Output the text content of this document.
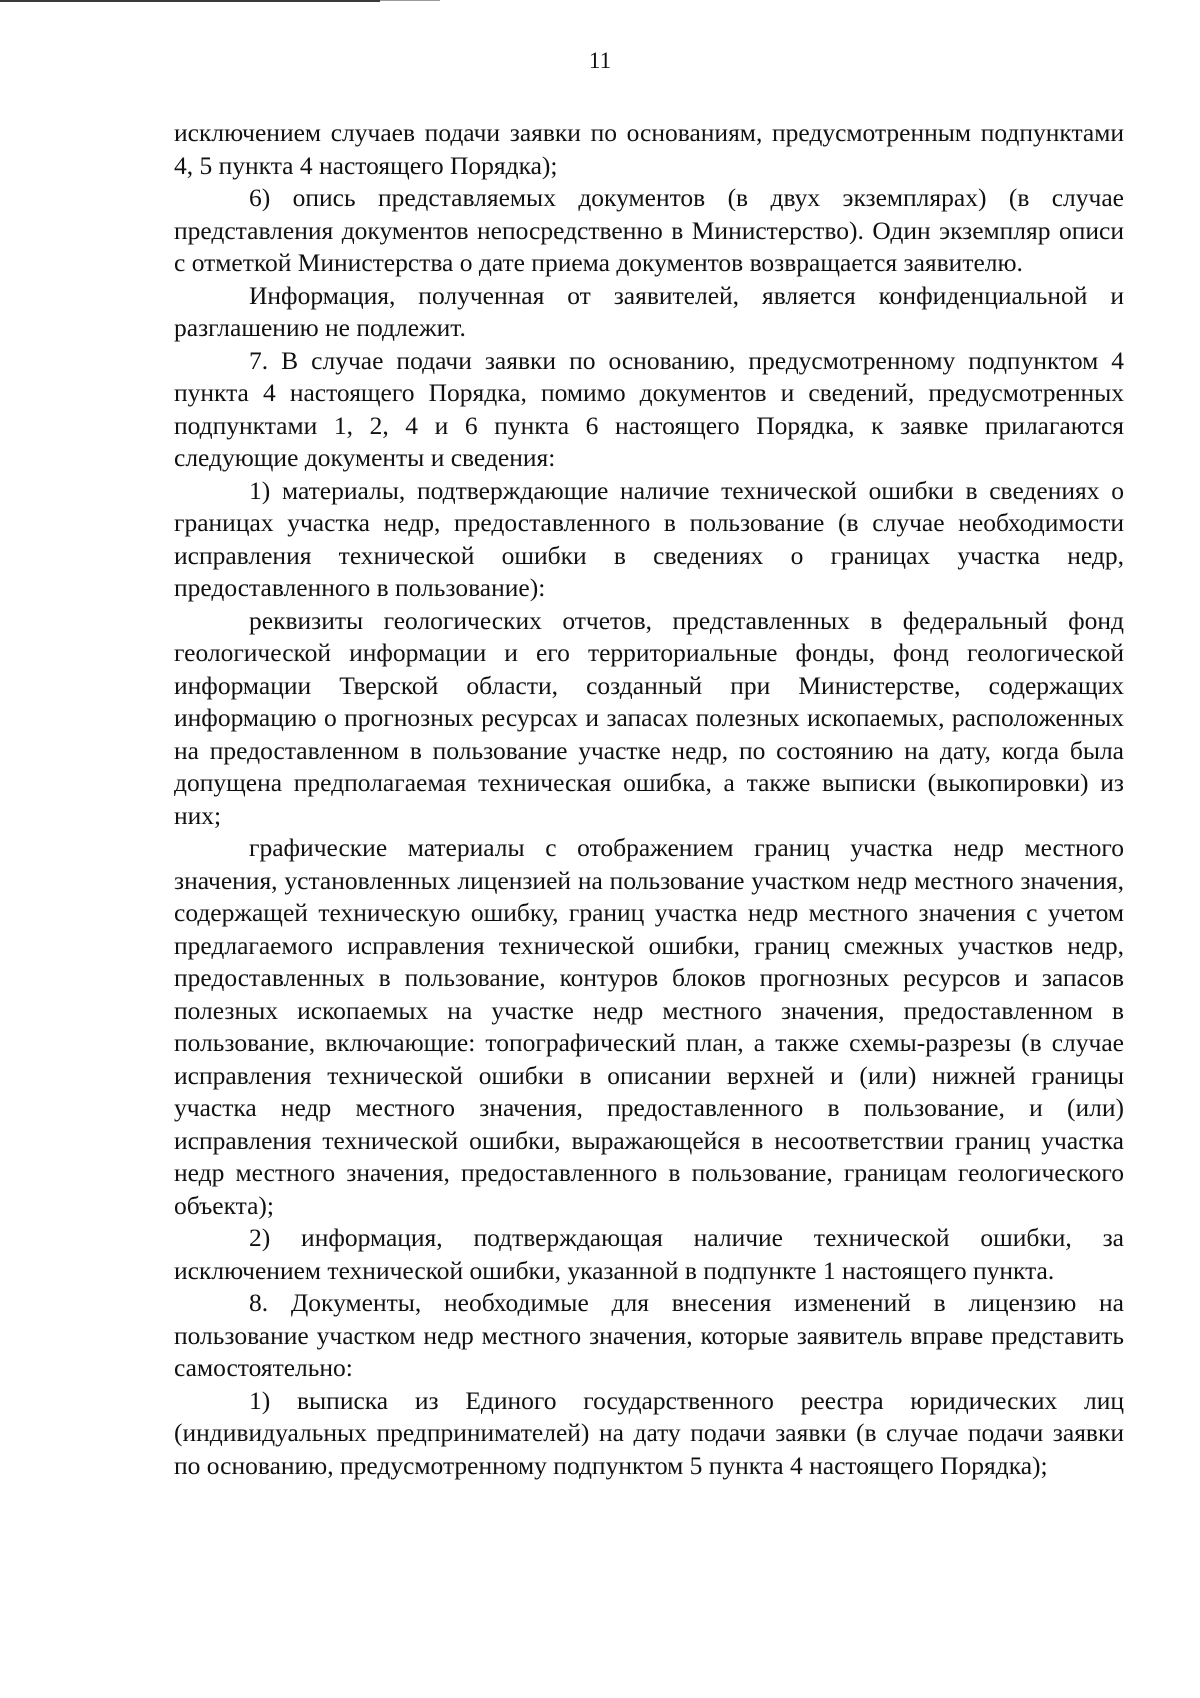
11

исключением случаев подачи заявки по основаниям, предусмотренным подпунктами 4, 5 пункта 4 настоящего Порядка);

6) опись представляемых документов (в двух экземплярах) (в случае представления документов непосредственно в Министерство). Один экземпляр описи с отметкой Министерства о дате приема документов возвращается заявителю.

Информация, полученная от заявителей, является конфиденциальной и разглашению не подлежит.

7. В случае подачи заявки по основанию, предусмотренному подпунктом 4 пункта 4 настоящего Порядка, помимо документов и сведений, предусмотренных подпунктами 1, 2, 4 и 6 пункта 6 настоящего Порядка, к заявке прилагаются следующие документы и сведения:

1) материалы, подтверждающие наличие технической ошибки в сведениях о границах участка недр, предоставленного в пользование (в случае необходимости исправления технической ошибки в сведениях о границах участка недр, предоставленного в пользование):

реквизиты геологических отчетов, представленных в федеральный фонд геологической информации и его территориальные фонды, фонд геологической информации Тверской области, созданный при Министерстве, содержащих информацию о прогнозных ресурсах и запасах полезных ископаемых, расположенных на предоставленном в пользование участке недр, по состоянию на дату, когда была допущена предполагаемая техническая ошибка, а также выписки (выкопировки) из них;

графические материалы с отображением границ участка недр местного значения, установленных лицензией на пользование участком недр местного значения, содержащей техническую ошибку, границ участка недр местного значения с учетом предлагаемого исправления технической ошибки, границ смежных участков недр, предоставленных в пользование, контуров блоков прогнозных ресурсов и запасов полезных ископаемых на участке недр местного значения, предоставленном в пользование, включающие: топографический план, а также схемы-разрезы (в случае исправления технической ошибки в описании верхней и (или) нижней границы участка недр местного значения, предоставленного в пользование, и (или) исправления технической ошибки, выражающейся в несоответствии границ участка недр местного значения, предоставленного в пользование, границам геологического объекта);

2) информация, подтверждающая наличие технической ошибки, за исключением технической ошибки, указанной в подпункте 1 настоящего пункта.

8. Документы, необходимые для внесения изменений в лицензию на пользование участком недр местного значения, которые заявитель вправе представить самостоятельно:

1) выписка из Единого государственного реестра юридических лиц (индивидуальных предпринимателей) на дату подачи заявки (в случае подачи заявки по основанию, предусмотренному подпунктом 5 пункта 4 настоящего Порядка);
